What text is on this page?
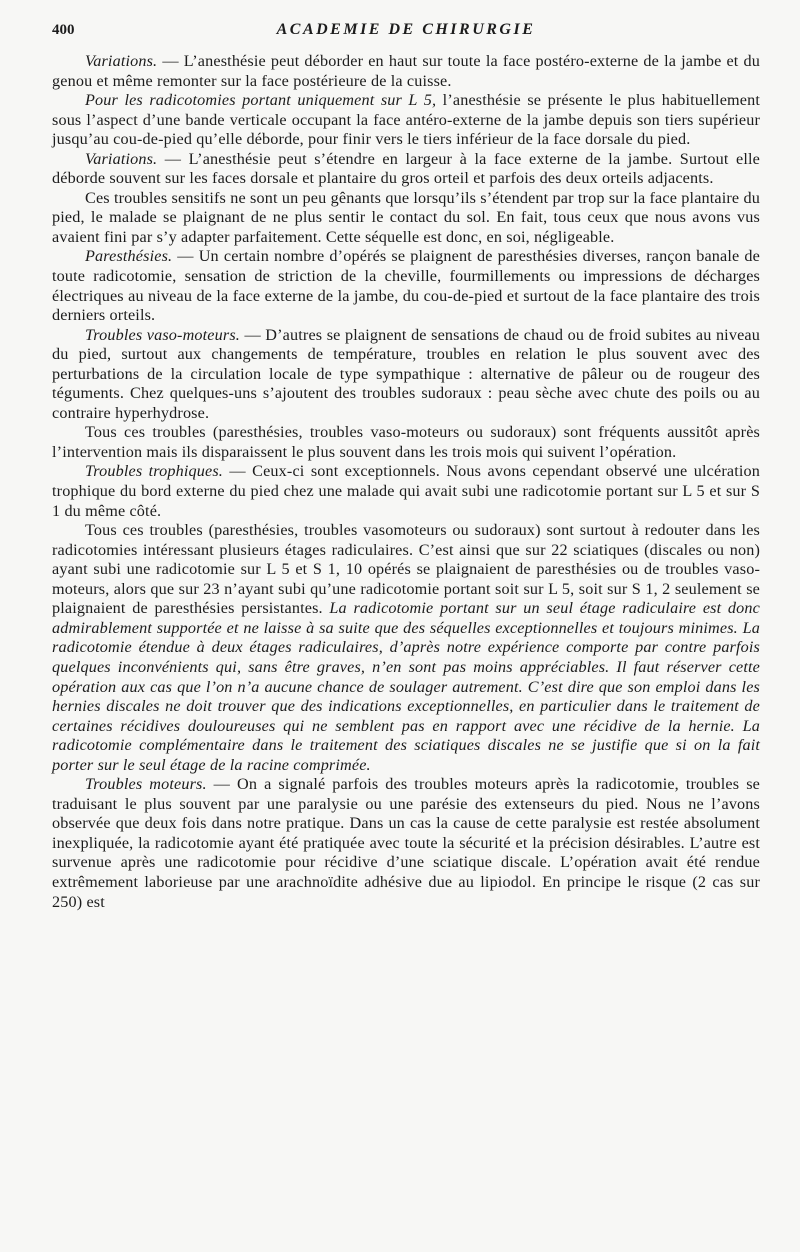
400	ACADEMIE DE CHIRURGIE

Variations. — L’anesthésie peut déborder en haut sur toute la face postéro-externe de la jambe et du genou et même remonter sur la face postérieure de la cuisse.

Pour les radicotomies portant uniquement sur L 5, l’anesthésie se présente le plus habituellement sous l’aspect d’une bande verticale occupant la face antéro-externe de la jambe depuis son tiers supérieur jusqu’au cou-de-pied qu’elle déborde, pour finir vers le tiers inférieur de la face dorsale du pied.

Variations. — L’anesthésie peut s’étendre en largeur à la face externe de la jambe. Surtout elle déborde souvent sur les faces dorsale et plantaire du gros orteil et parfois des deux orteils adjacents.

Ces troubles sensitifs ne sont un peu gênants que lorsqu’ils s’étendent par trop sur la face plantaire du pied, le malade se plaignant de ne plus sentir le contact du sol. En fait, tous ceux que nous avons vus avaient fini par s’y adapter parfaitement. Cette séquelle est donc, en soi, négligeable.

Paresthésies. — Un certain nombre d’opérés se plaignent de paresthésies diverses, rançon banale de toute radicotomie, sensation de striction de la cheville, fourmillements ou impressions de décharges électriques au niveau de la face externe de la jambe, du cou-de-pied et surtout de la face plantaire des trois derniers orteils.

Troubles vaso-moteurs. — D’autres se plaignent de sensations de chaud ou de froid subites au niveau du pied, surtout aux changements de température, troubles en relation le plus souvent avec des perturbations de la circulation locale de type sympathique : alternative de pâleur ou de rougeur des téguments. Chez quelques-uns s’ajoutent des troubles sudoraux : peau sèche avec chute des poils ou au contraire hyperhydrose.

Tous ces troubles (paresthésies, troubles vaso-moteurs ou sudoraux) sont fréquents aussitôt après l’intervention mais ils disparaissent le plus souvent dans les trois mois qui suivent l’opération.

Troubles trophiques. — Ceux-ci sont exceptionnels. Nous avons cependant observé une ulcération trophique du bord externe du pied chez une malade qui avait subi une radicotomie portant sur L 5 et sur S 1 du même côté.

Tous ces troubles (paresthésies, troubles vasomoteurs ou sudoraux) sont surtout à redouter dans les radicotomies intéressant plusieurs étages radiculaires. C’est ainsi que sur 22 sciatiques (discales ou non) ayant subi une radicotomie sur L 5 et S 1, 10 opérés se plaignaient de paresthésies ou de troubles vaso-moteurs, alors que sur 23 n’ayant subi qu’une radicotomie portant soit sur L 5, soit sur S 1, 2 seulement se plaignaient de paresthésies persistantes. La radicotomie portant sur un seul étage radiculaire est donc admirablement supportée et ne laisse à sa suite que des séquelles exceptionnelles et toujours minimes. La radicotomie étendue à deux étages radiculaires, d’après notre expérience comporte par contre parfois quelques inconvénients qui, sans être graves, n’en sont pas moins appréciables. Il faut réserver cette opération aux cas que l’on n’a aucune chance de soulager autrement. C’est dire que son emploi dans les hernies discales ne doit trouver que des indications exceptionnelles, en particulier dans le traitement de certaines récidives douloureuses qui ne semblent pas en rapport avec une récidive de la hernie. La radicotomie complémentaire dans le traitement des sciatiques discales ne se justifie que si on la fait porter sur le seul étage de la racine comprimée.

Troubles moteurs. — On a signalé parfois des troubles moteurs après la radicotomie, troubles se traduisant le plus souvent par une paralysie ou une parésie des extenseurs du pied. Nous ne l’avons observée que deux fois dans notre pratique. Dans un cas la cause de cette paralysie est restée absolument inexpliquée, la radicotomie ayant été pratiquée avec toute la sécurité et la précision désirables. L’autre est survenue après une radicotomie pour récidive d’une sciatique discale. L’opération avait été rendue extrêmement laborieuse par une arachnoïdite adhésive due au lipiodol. En principe le risque (2 cas sur 250) est
